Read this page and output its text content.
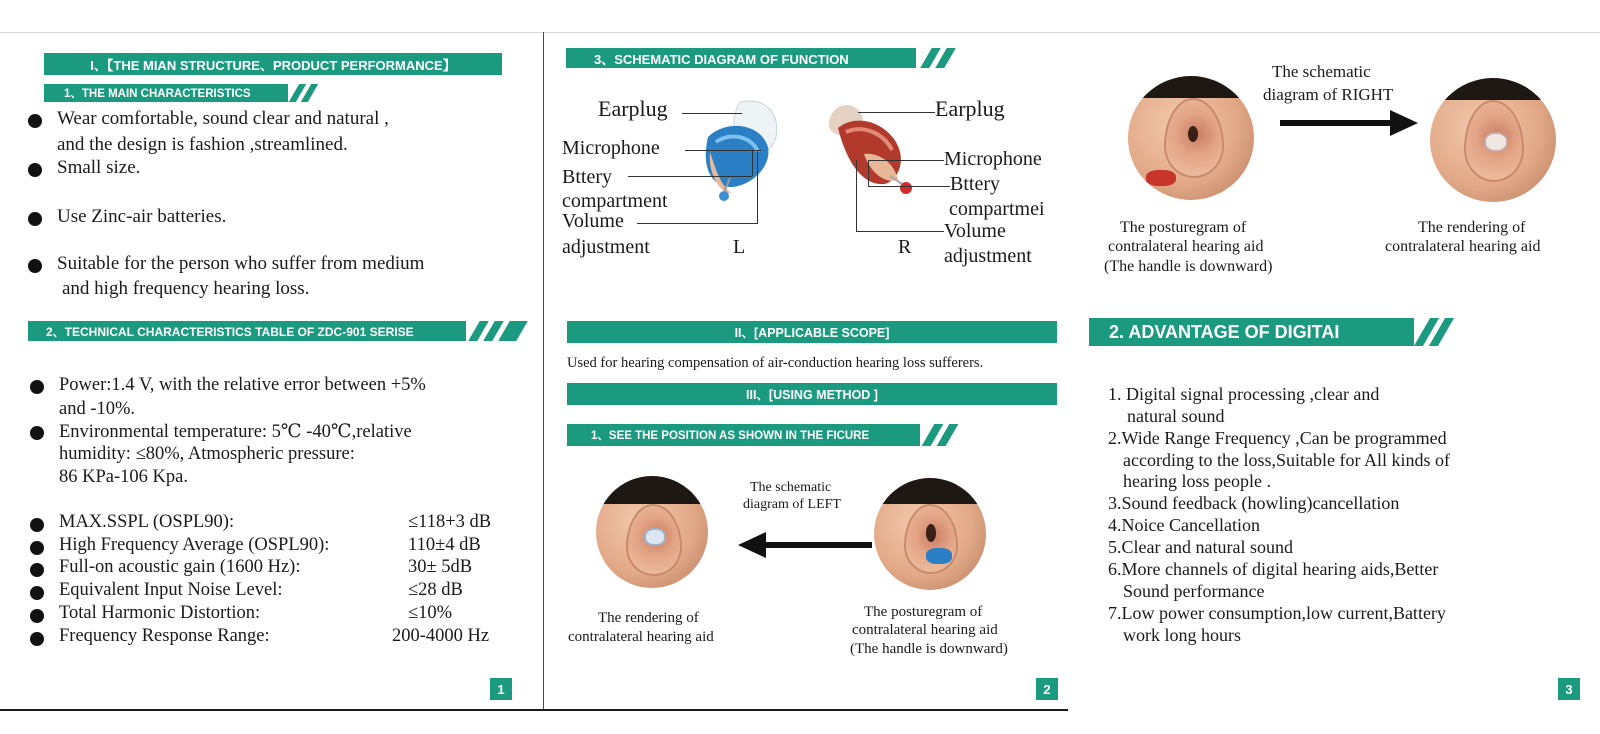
I、【THE MIAN STRUCTURE、PRODUCT PERFORMANCE】
1、THE MAIN CHARACTERISTICS
Wear comfortable, sound clear and natural ,
and the design is fashion ,streamlined.
Small size.
Use Zinc-air batteries.
Suitable for the person who suffer from medium
and high frequency hearing loss.
2、TECHNICAL CHARACTERISTICS TABLE OF ZDC-901 SERISE
Power:1.4 V, with the relative error between +5%
and -10%.
Environmental temperature: 5℃ -40℃,relative
humidity: ≤80%, Atmospheric pressure:
86 KPa-106 Kpa.
MAX.SSPL (OSPL90):	≤118+3 dB
High Frequency Average (OSPL90):	110±4 dB
Full-on acoustic gain (1600 Hz):	30± 5dB
Equivalent Input Noise Level:	≤28 dB
Total Harmonic Distortion:	≤10%
Frequency Response Range:	200-4000 Hz
1
3、SCHEMATIC DIAGRAM OF FUNCTION
Earplug
Microphone
Bttery
compartment
Volume
adjustment	L
Earplug
Microphone
Bttery
compartmei
Volume
adjustment
R
II、[APPLICABLE SCOPE]
Used for hearing compensation of air-conduction hearing loss sufferers.
III、[USING METHOD ]
1、SEE THE POSITION AS SHOWN IN THE FICURE
The schematic
diagram of LEFT
The rendering of
contralateral hearing aid
The posturegram of
contralateral hearing aid
(The handle is downward)
2
The schematic
diagram of RIGHT
The posturegram of
contralateral hearing aid
(The handle is downward)
The rendering of
contralateral hearing aid
2. ADVANTAGE OF DIGITAI
1. Digital signal processing ,clear and
natural sound
2.Wide Range Frequency ,Can be programmed
according to the loss,Suitable for All kinds of
hearing loss people .
3.Sound feedback (howling)cancellation
4.Noice Cancellation
5.Clear and natural sound
6.More channels of digital hearing aids,Better
Sound performance
7.Low power consumption,low current,Battery
work long hours
3
